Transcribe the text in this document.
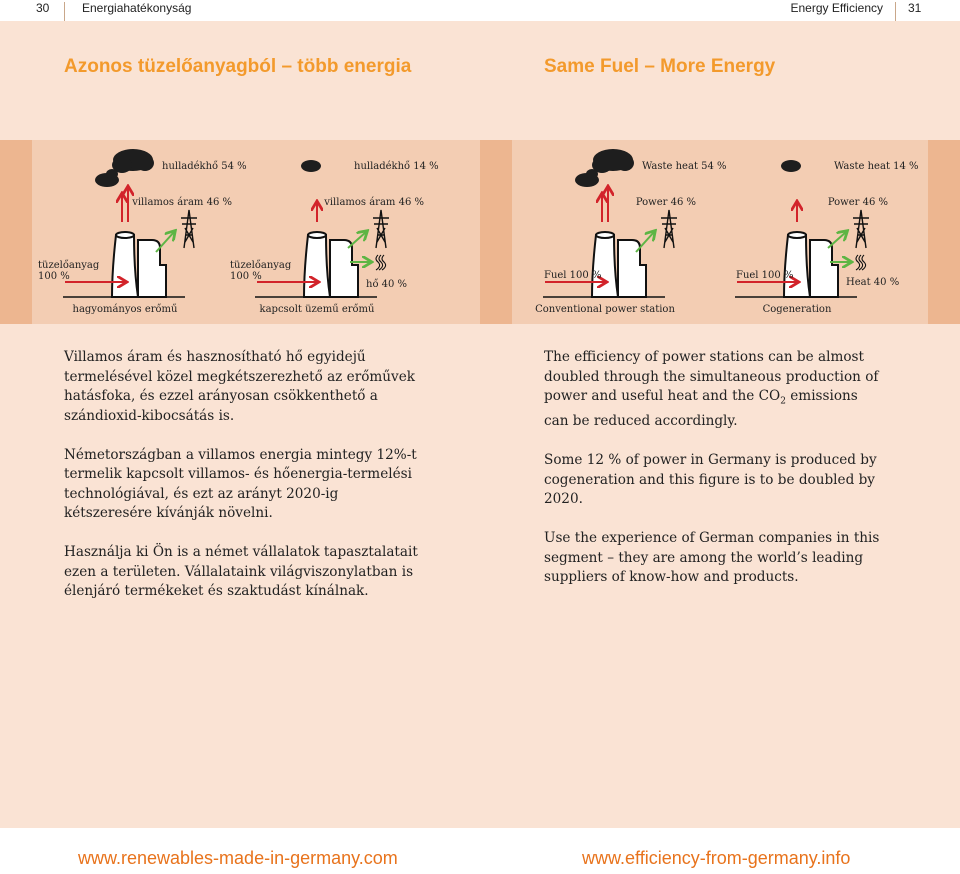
30	Energiahatékonyság	Energy Efficiency 31
Azonos tüzelőanyagból – több energia	Same Fuel – More Energy
hulladékhő 54 %
tüzelőanyag
100 %
villamos áram 46 %
hagyományos erőmű
hulladékhő 14 %
tüzelőanyag
100 %
villamos áram 46 %
hő 40 %
kapcsolt üzemű erőmű
Waste heat 54 %
Fuel 100 %
Power 46 %
Conventional power station
Waste heat 14 %
Fuel 100 %
Power 46 %
Heat 40 %
Cogeneration

Villamos áram és hasznosítható hő egyidejű termelésével közel megkétszerezhető az erőművek hatásfoka, és ezzel arányosan csökkenthető a szándioxid-kibocsátás is.

Németországban a villamos energia mintegy 12%-t termelik kapcsolt villamos- és hőenergia-termelési technológiával, és ezt az arányt 2020-ig kétszeresére kívánják növelni.

Használja ki Ön is a német vállalatok tapasztalatait ezen a területen. Vállalataink világviszonylatban is élenjáró termékeket és szaktudást kínálnak.

The efficiency of power stations can be almost doubled through the simultaneous production of power and useful heat and the $CO_2$ emissions can be reduced accordingly.

Some 12 % of power in Germany is produced by cogeneration and this figure is to be doubled by 2020.

Use the experience of German companies in this segment – they are among the world’s leading suppliers of know-how and products.

www.renewables-made-in-germany.com	www.efficiency-from-germany.info
